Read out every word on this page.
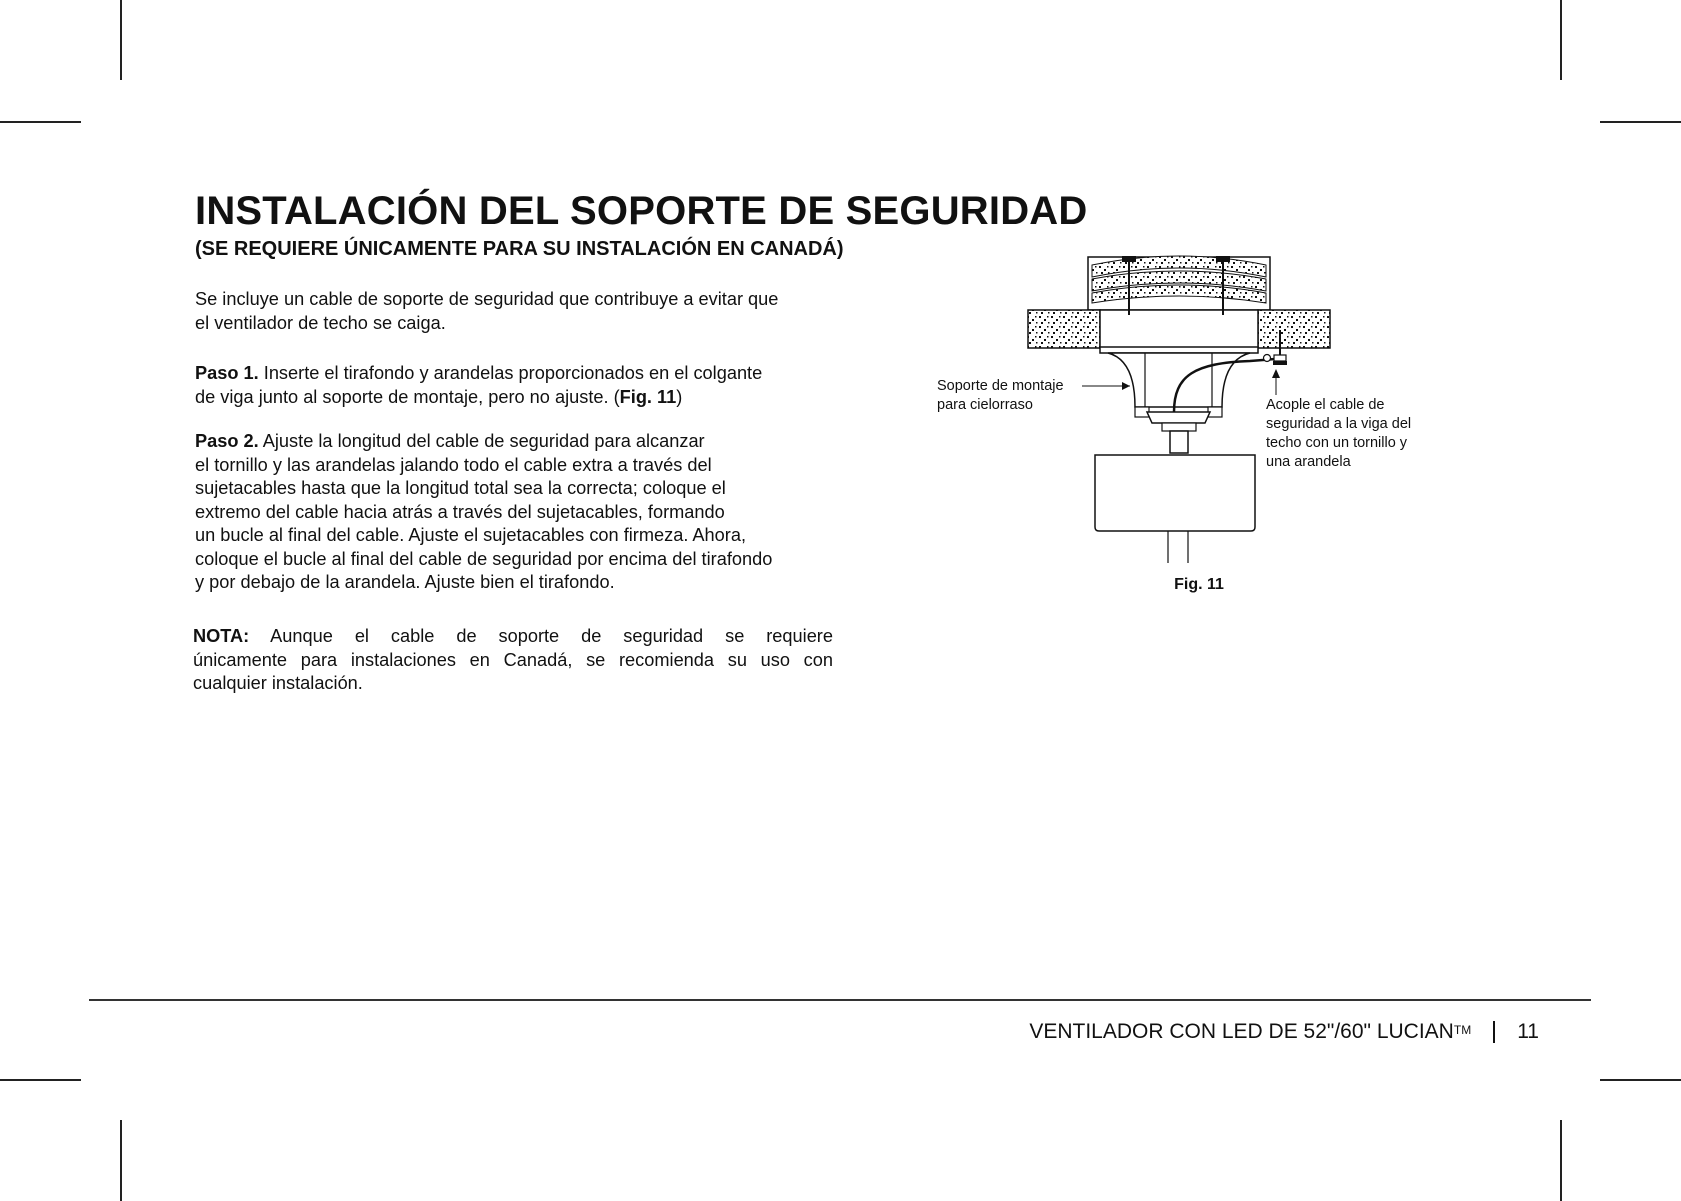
INSTALACIÓN DEL SOPORTE DE SEGURIDAD
(SE REQUIERE ÚNICAMENTE PARA SU INSTALACIÓN EN CANADÁ)

Se incluye un cable de soporte de seguridad que contribuye a evitar que
el ventilador de techo se caiga.

Paso 1. Inserte el tirafondo y arandelas proporcionados en el colgante
de viga junto al soporte de montaje, pero no ajuste. (Fig. 11)

Paso 2. Ajuste la longitud del cable de seguridad para alcanzar
el tornillo y las arandelas jalando todo el cable extra a través del
sujetacables hasta que la longitud total sea la correcta; coloque el
extremo del cable hacia atrás a través del sujetacables, formando
un bucle al final del cable. Ajuste el sujetacables con firmeza. Ahora,
coloque el bucle al final del cable de seguridad por encima del tirafondo
y por debajo de la arandela. Ajuste bien el tirafondo.

NOTA: Aunque el cable de soporte de seguridad se requiere
únicamente para instalaciones en Canadá, se recomienda su uso con
cualquier instalación.

Soporte de montaje
para cielorraso	Acople el cable de
seguridad a la viga del
techo con un tornillo y
una arandela

Fig. 11

VENTILADOR CON LED DE 52"/60" LUCIAN™ 11
